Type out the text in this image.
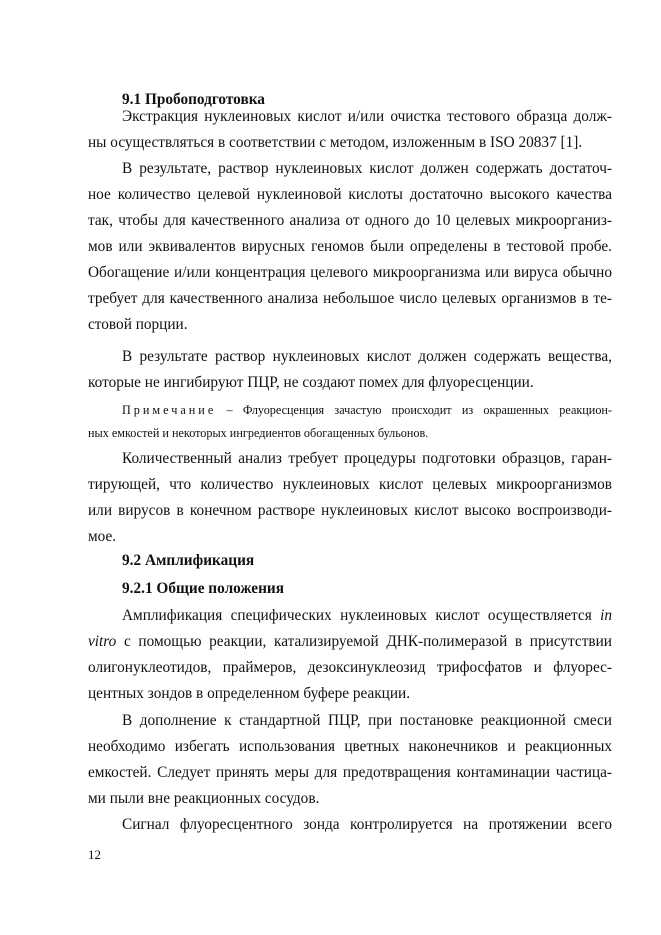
12
9.1 Пробоподготовка
Экстракция нуклеиновых кислот и/или очистка тестового образца долж-
ны осуществляться в соответствии с методом, изложенным в ISO 20837 [1].
В результате, раствор нуклеиновых кислот должен содержать достаточ-
ное количество целевой нуклеиновой кислоты достаточно высокого качества
так, чтобы для качественного анализа от одного до 10 целевых микроорганиз-
мов или эквивалентов вирусных геномов были определены в тестовой пробе.
Обогащение и/или концентрация целевого микроорганизма или вируса обычно
требует для качественного анализа небольшое число целевых организмов в те-
стовой порции.
В результате раствор нуклеиновых кислот должен содержать вещества,
которые не ингибируют ПЦР, не создают помех для флуоресценции.
Примечание – Флуоресценция зачастую происходит из окрашенных реакцион-
ных емкостей и некоторых ингредиентов обогащенных бульонов.
Количественный анализ требует процедуры подготовки образцов, гаран-
тирующей, что количество нуклеиновых кислот целевых микроорганизмов
или вирусов в конечном растворе нуклеиновых кислот высоко воспроизводи-
мое.
9.2 Амплификация
9.2.1 Общие положения
Амплификация специфических нуклеиновых кислот осуществляется in
vitro с помощью реакции, катализируемой ДНК-полимеразой в присутствии
олигонуклеотидов, праймеров, дезоксинуклеозид трифосфатов и флуорес-
центных зондов в определенном буфере реакции.
В дополнение к стандартной ПЦР, при постановке реакционной смеси
необходимо избегать использования цветных наконечников и реакционных
емкостей. Следует принять меры для предотвращения контаминации частица-
ми пыли вне реакционных сосудов.
Сигнал флуоресцентного зонда контролируется на протяжении всего
